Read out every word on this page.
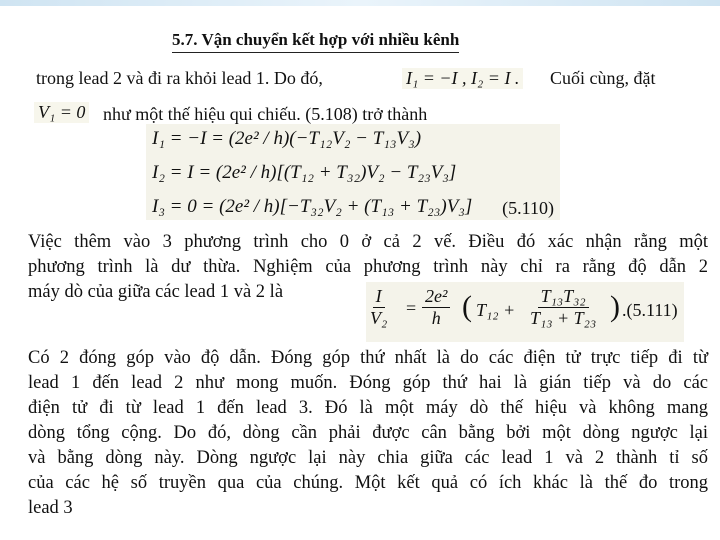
5.7. Vận chuyển kết hợp với nhiều kênh
trong lead 2 và đi ra khỏi lead 1. Do đó,	I₁ = −I , I₂ = I . Cuối cùng, đặt
V₁ = 0 như một thế hiệu qui chiếu. (5.108) trở thành
I₁ = −I = (2e² / h)(−T₁₂V₂ − T₁₃V₃)
I₂ = I = (2e² / h)[(T₁₂ + T₃₂)V₂ − T₂₃V₃]
I₃ = 0 = (2e² / h)[−T₃₂V₂ + (T₁₃ + T₂₃)V₃]	(5.110)
Việc thêm vào 3 phương trình cho 0 ở cả 2 vế. Điều đó xác nhận rằng một
phương trình là dư thừa. Nghiệm của phương trình này chỉ ra rằng độ dẫn 2
máy dò của giữa các lead 1 và 2 là	$\frac{I}{\text{V₂}} = \frac{\text{2e²}}{h}$ ( $T_{12} + \frac{\text{T₁₃T₃₂}}{\text{T₁₃ + T₂₃}}$ ) .(5.111)
Có 2 đóng góp vào độ dẫn. Đóng góp thứ nhất là do các điện tử trực tiếp đi từ
lead 1 đến lead 2 như mong muốn. Đóng góp thứ hai là gián tiếp và do các
điện tử đi từ lead 1 đến lead 3. Đó là một máy dò thế hiệu và không mang
dòng tổng cộng. Do đó, dòng cần phải được cân bằng bởi một dòng ngược lại
và bằng dòng này. Dòng ngược lại này chia giữa các lead 1 và 2 thành tỉ số
của các hệ số truyền qua của chúng. Một kết quả có ích khác là thế đo trong
lead 3
